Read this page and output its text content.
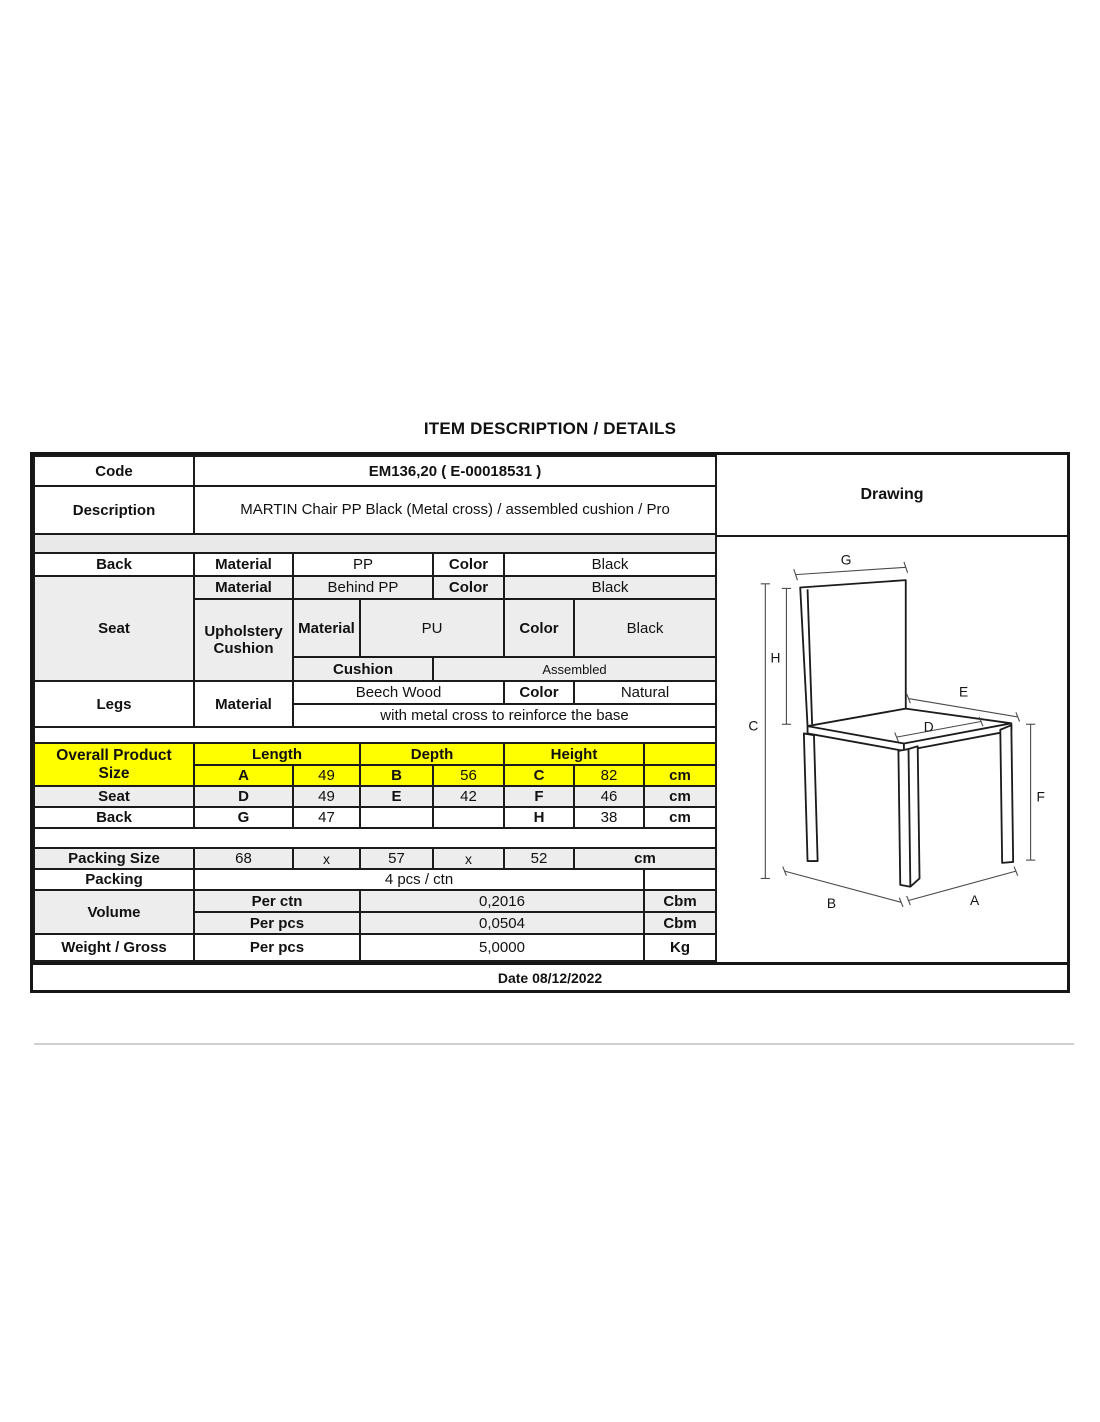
ITEM DESCRIPTION / DETAILS
Code	EM136,20 ( E-00018531 )						
Description	MARTIN Chair PP Black (Metal cross) / assembled cushion / Pro						

Back	Material	PP		Color	Black		
Seat	Material	Behind PP		Color	Black		
	Upholstery Cushion	Material	PU		Color	Black	
		Cushion		Assembled			
Legs	Material	Beech Wood			Color	Natural	
		with metal cross to reinforce the base					

Overall Product
Size	Length		Depth		Height		
	A	49	B	56	C	82	cm
Seat	D	49	E	42	F	46	cm
Back	G	47			H	38	cm

Packing Size	68	x	57	x	52	cm	
Packing	4 pcs / ctn						
Volume	Per ctn		0,2016				Cbm
	Per pcs		0,0504				Cbm
Weight / Gross	Per pcs		5,0000				Kg
Drawing
G
H
C
E
D
F
B	A
Date 08/12/2022
